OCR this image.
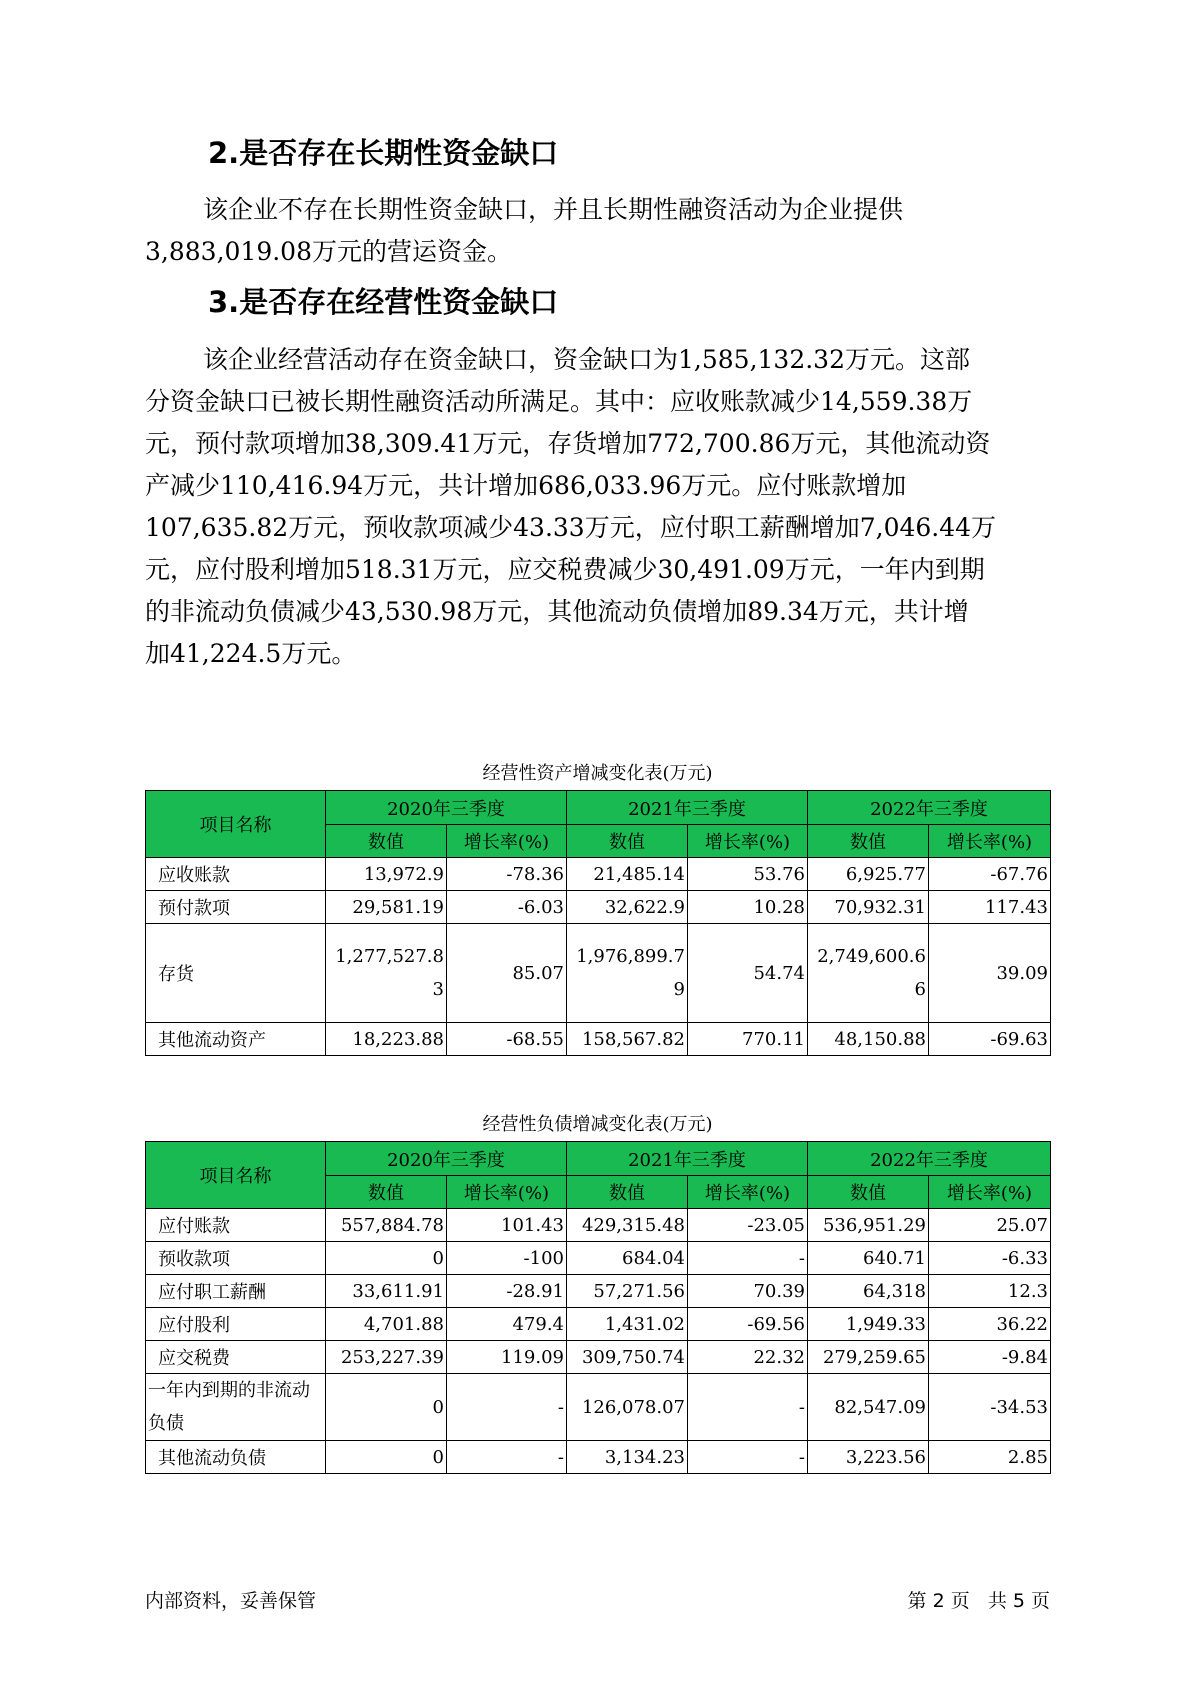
2.是否存在长期性资金缺口
该企业不存在长期性资金缺口，并且长期性融资活动为企业提供
3,883,019.08万元的营运资金。
3.是否存在经营性资金缺口
该企业经营活动存在资金缺口，资金缺口为1,585,132.32万元。这部
分资金缺口已被长期性融资活动所满足。其中：应收账款减少14,559.38万
元，预付款项增加38,309.41万元，存货增加772,700.86万元，其他流动资
产减少110,416.94万元，共计增加686,033.96万元。应付账款增加
107,635.82万元，预收款项减少43.33万元，应付职工薪酬增加7,046.44万
元，应付股利增加518.31万元，应交税费减少30,491.09万元，一年内到期
的非流动负债减少43,530.98万元，其他流动负债增加89.34万元，共计增
加41,224.5万元。
经营性资产增减变化表(万元)
项目名称	2020年三季度		2021年三季度		2022年三季度	
	数值	增长率(%)	数值	增长率(%)	数值	增长率(%)
应收账款	13,972.9	-78.36	21,485.14	53.76	6,925.77	-67.76
预付款项	29,581.19	-6.03	32,622.9	10.28	70,932.31	117.43
存货	1,277,527.83	85.07	1,976,899.79	54.74	2,749,600.66	39.09
其他流动资产	18,223.88	-68.55	158,567.82	770.11	48,150.88	-69.63
经营性负债增减变化表(万元)
项目名称	2020年三季度		2021年三季度		2022年三季度	
	数值	增长率(%)	数值	增长率(%)	数值	增长率(%)
应付账款	557,884.78	101.43	429,315.48	-23.05	536,951.29	25.07
预收款项	0	-100	684.04	-	640.71	-6.33
应付职工薪酬	33,611.91	-28.91	57,271.56	70.39	64,318	12.3
应付股利	4,701.88	479.4	1,431.02	-69.56	1,949.33	36.22
应交税费	253,227.39	119.09	309,750.74	22.32	279,259.65	-9.84
一年内到期的非流动负债	0	-	126,078.07	-	82,547.09	-34.53
其他流动负债	0	-	3,134.23	-	3,223.56	2.85
内部资料，妥善保管	第 2 页 共 5 页
